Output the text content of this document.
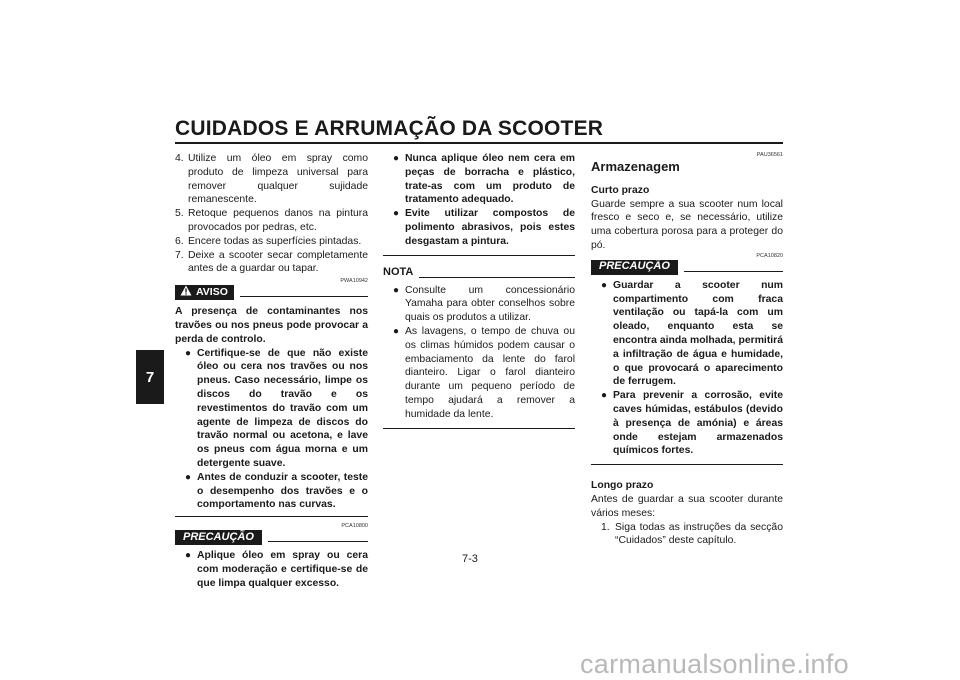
CUIDADOS E ARRUMAÇÃO DA SCOOTER
7
4. Utilize um óleo em spray como produto de limpeza universal para remover qualquer sujidade remanescente.
5. Retoque pequenos danos na pintura provocados por pedras, etc.
6. Encere todas as superfícies pintadas.
7. Deixe a scooter secar completamente antes de a guardar ou tapar.
PWA10942
AVISO

A presença de contaminantes nos travões ou nos pneus pode provocar a perda de controlo.

● Certifique-se de que não existe óleo ou cera nos travões ou nos pneus. Caso necessário, limpe os discos do travão e os revestimentos do travão com um agente de limpeza de discos do travão normal ou acetona, e lave os pneus com água morna e um detergente suave.
● Antes de conduzir a scooter, teste o desempenho dos travões e o comportamento nas curvas.
PCA10800
PRECAUÇÃO
● Aplique óleo em spray ou cera com moderação e certifique-se de que limpa qualquer excesso.
● Nunca aplique óleo nem cera em peças de borracha e plástico, trate-as com um produto de tratamento adequado.
● Evite utilizar compostos de polimento abrasivos, pois estes desgastam a pintura.
NOTA
● Consulte um concessionário Yamaha para obter conselhos sobre quais os produtos a utilizar.
● As lavagens, o tempo de chuva ou os climas húmidos podem causar o embaciamento da lente do farol dianteiro. Ligar o farol dianteiro durante um pequeno período de tempo ajudará a remover a humidade da lente.
PAU36561

Armazenagem

Curto prazo

Guarde sempre a sua scooter num local fresco e seco e, se necessário, utilize uma cobertura porosa para a proteger do pó.

PCA10820
PRECAUÇÃO
● Guardar a scooter num compartimento com fraca ventilação ou tapá-la com um oleado, enquanto esta se encontra ainda molhada, permitirá a infiltração de água e humidade, o que provocará o aparecimento de ferrugem.
● Para prevenir a corrosão, evite caves húmidas, estábulos (devido à presença de amónia) e áreas onde estejam armazenados químicos fortes.

Longo prazo

Antes de guardar a sua scooter durante vários meses:

1. Siga todas as instruções da secção “Cuidados” deste capítulo.
7-3
carmanualsonline.info
